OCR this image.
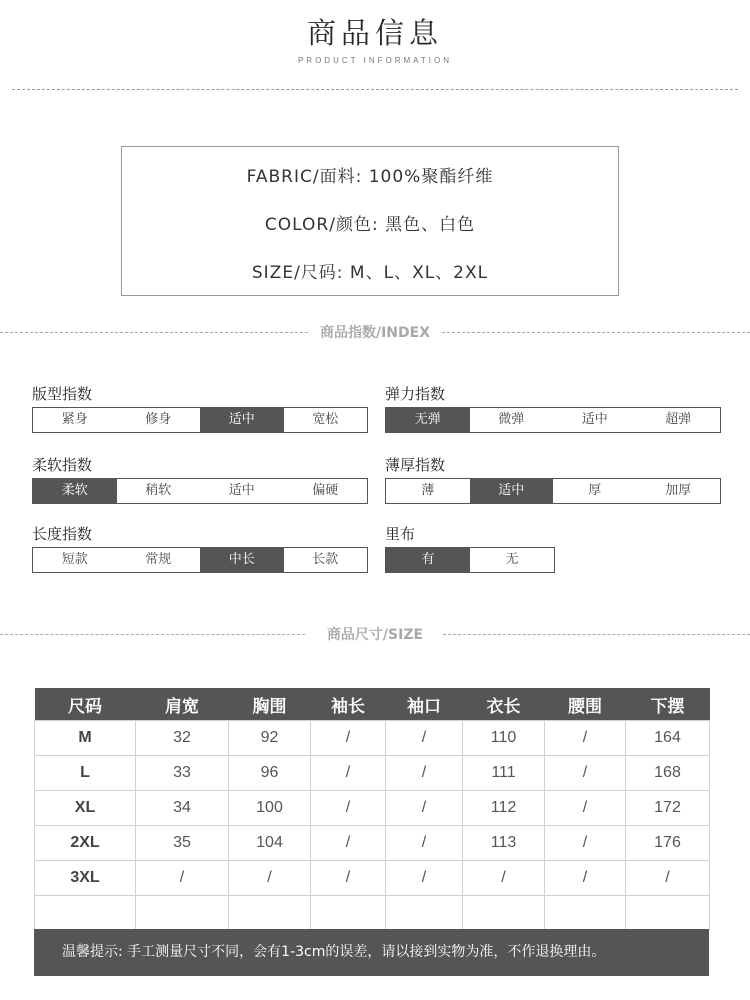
商品信息
PRODUCT INFORMATION
FABRIC/面料: 100%聚酯纤维
COLOR/颜色: 黑色、白色
SIZE/尺码: M、L、XL、2XL
商品指数/INDEX
版型指数
紧身	修身	适中	宽松
弹力指数
无弹	微弹	适中	超弹
柔软指数
柔软	稍软	适中	偏硬
薄厚指数
薄	适中	厚	加厚
长度指数
短款	常规	中长	长款
里布
有	无
商品尺寸/SIZE
尺码	肩宽	胸围	袖长	袖口	衣长	腰围	下摆
M	32	92	/	/	110	/	164
L	33	96	/	/	111	/	168
XL	34	100	/	/	112	/	172
2XL	35	104	/	/	113	/	176
3XL	/	/	/	/	/	/	/

温馨提示: 手工测量尺寸不同，会有1-3cm的误差，请以接到实物为准，不作退换理由。
